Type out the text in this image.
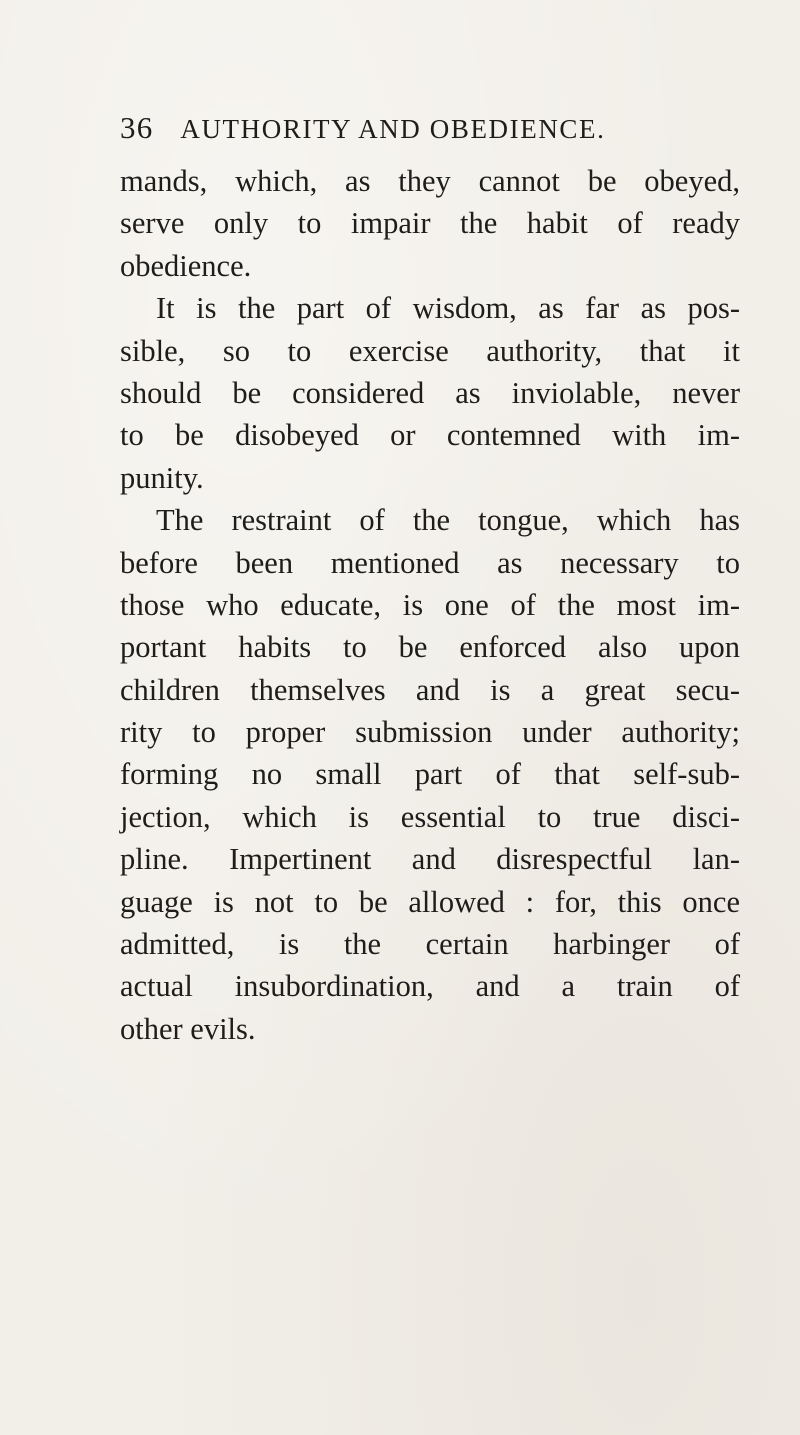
36 AUTHORITY AND OBEDIENCE.
mands, which, as they cannot be obeyed,
serve only to impair the habit of ready
obedience.
It is the part of wisdom, as far as pos-
sible, so to exercise authority, that it
should be considered as inviolable, never
to be disobeyed or contemned with im-
punity.
The restraint of the tongue, which has
before been mentioned as necessary to
those who educate, is one of the most im-
portant habits to be enforced also upon
children themselves and is a great secu-
rity to proper submission under authority;
forming no small part of that self-sub-
jection, which is essential to true disci-
pline. Impertinent and disrespectful lan-
guage is not to be allowed : for, this once
admitted, is the certain harbinger of
actual insubordination, and a train of
other evils.
